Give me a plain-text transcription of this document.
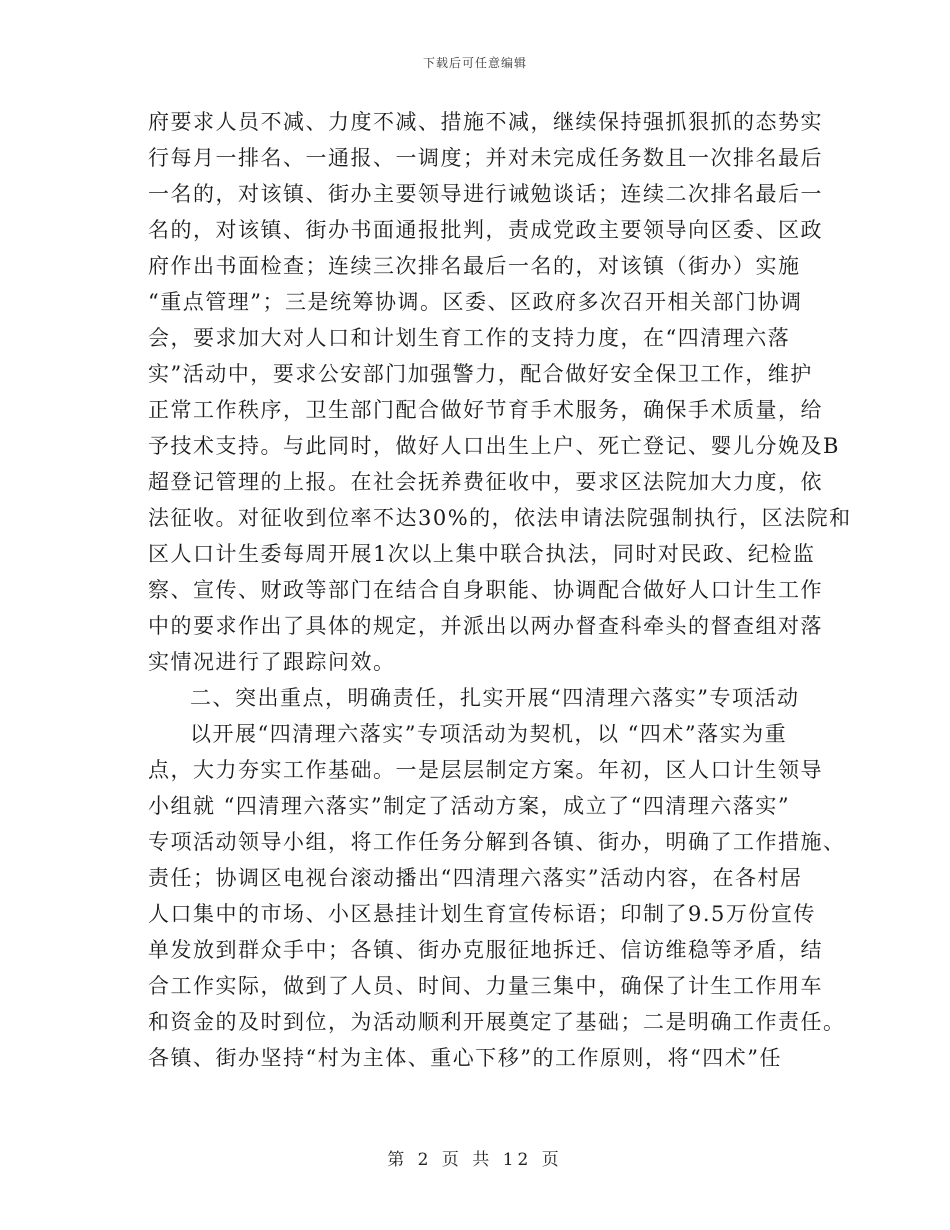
下载后可任意编辑
府要求人员不减、力度不减、措施不减，继续保持强抓狠抓的态势实
行每月一排名、一通报、一调度；并对未完成任务数且一次排名最后
一名的，对该镇、街办主要领导进行诫勉谈话；连续二次排名最后一
名的，对该镇、街办书面通报批判，责成党政主要领导向区委、区政
府作出书面检查；连续三次排名最后一名的，对该镇（街办）实施
“重点管理”；三是统筹协调。区委、区政府多次召开相关部门协调
会，要求加大对人口和计划生育工作的支持力度，在“四清理六落
实”活动中，要求公安部门加强警力，配合做好安全保卫工作，维护
正常工作秩序，卫生部门配合做好节育手术服务，确保手术质量，给
予技术支持。与此同时，做好人口出生上户、死亡登记、婴儿分娩及B
超登记管理的上报。在社会抚养费征收中，要求区法院加大力度，依
法征收。对征收到位率不达30%的，依法申请法院强制执行，区法院和
区人口计生委每周开展1次以上集中联合执法，同时对民政、纪检监
察、宣传、财政等部门在结合自身职能、协调配合做好人口计生工作
中的要求作出了具体的规定，并派出以两办督查科牵头的督查组对落
实情况进行了跟踪问效。
二、突出重点，明确责任，扎实开展“四清理六落实”专项活动
以开展“四清理六落实”专项活动为契机，以 “四术”落实为重
点，大力夯实工作基础。一是层层制定方案。年初，区人口计生领导
小组就 “四清理六落实”制定了活动方案，成立了“四清理六落实”
专项活动领导小组，将工作任务分解到各镇、街办，明确了工作措施、
责任；协调区电视台滚动播出“四清理六落实”活动内容，在各村居
人口集中的市场、小区悬挂计划生育宣传标语；印制了9.5万份宣传
单发放到群众手中；各镇、街办克服征地拆迁、信访维稳等矛盾，结
合工作实际，做到了人员、时间、力量三集中，确保了计生工作用车
和资金的及时到位，为活动顺利开展奠定了基础；二是明确工作责任。
各镇、街办坚持“村为主体、重心下移”的工作原则，将“四术”任
第 2 页 共 12 页
